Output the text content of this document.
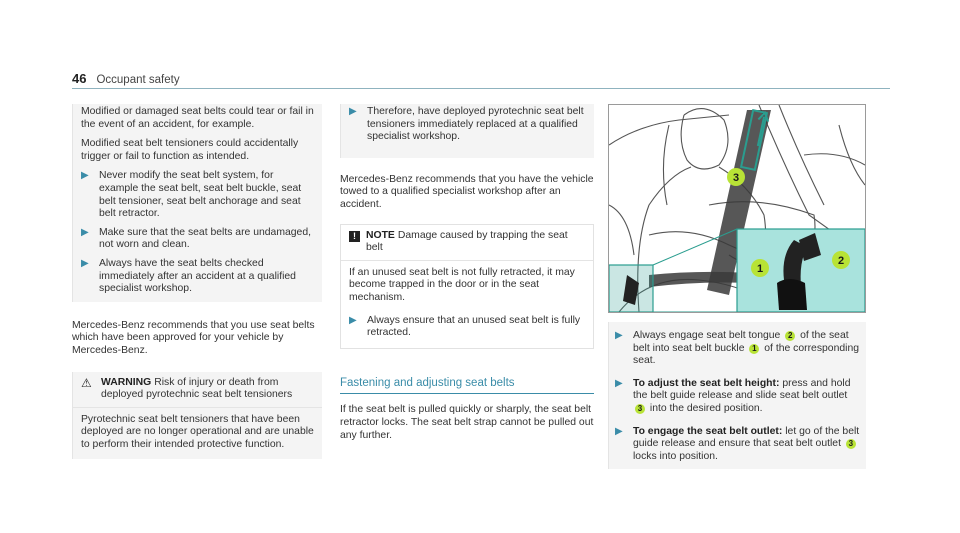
46 Occupant safety

Modified or damaged seat belts could tear or fail in the event of an accident, for example.

Modified seat belt tensioners could accidentally trigger or fail to function as intended.

▶ Never modify the seat belt system, for example the seat belt, seat belt buckle, seat belt tensioner, seat belt anchorage and seat belt retractor.
▶ Make sure that the seat belts are undamaged, not worn and clean.
▶ Always have the seat belts checked immediately after an accident at a qualified specialist workshop.

Mercedes-Benz recommends that you use seat belts which have been approved for your vehicle by Mercedes-Benz.

⚠ WARNING Risk of injury or death from deployed pyrotechnic seat belt tensioners

Pyrotechnic seat belt tensioners that have been deployed are no longer operational and are unable to perform their intended protective function.

▶ Therefore, have deployed pyrotechnic seat belt tensioners immediately replaced at a qualified specialist workshop.

Mercedes-Benz recommends that you have the vehicle towed to a qualified specialist workshop after an accident.

! NOTE Damage caused by trapping the seat belt

If an unused seat belt is not fully retracted, it may become trapped in the door or in the seat mechanism.

▶ Always ensure that an unused seat belt is fully retracted.
Fastening and adjusting seat belts

If the seat belt is pulled quickly or sharply, the seat belt retractor locks. The seat belt strap cannot be pulled out any further.

1
2
3
▶ Always engage seat belt tongue 2 of the seat belt into seat belt buckle 1 of the corresponding seat.
▶ To adjust the seat belt height: press and hold the belt guide release and slide seat belt outlet 3 into the desired position.
▶ To engage the seat belt outlet: let go of the belt guide release and ensure that seat belt outlet 3 locks into position.
